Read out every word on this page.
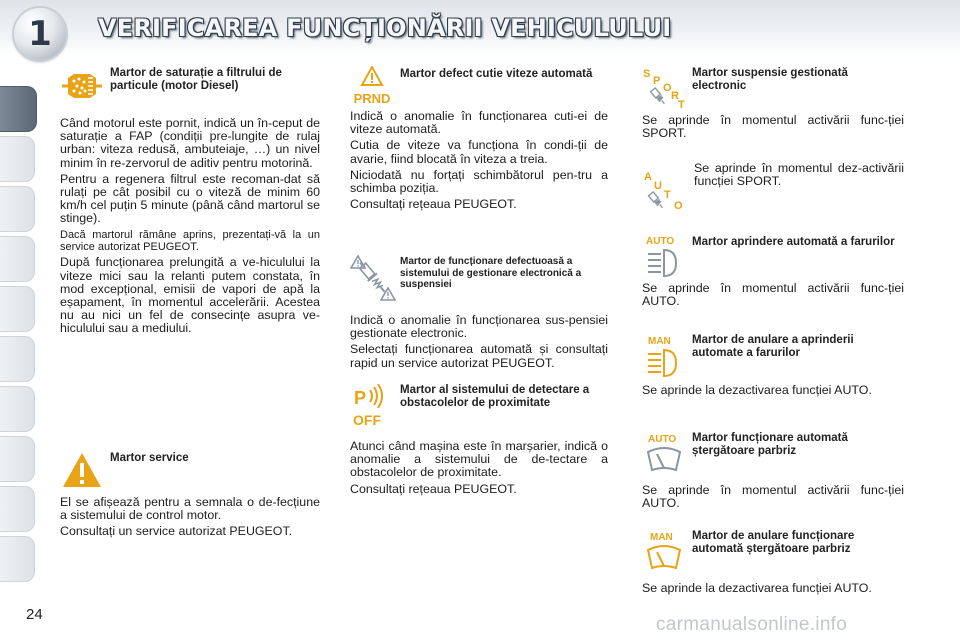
1	VERIFICAREA FUNCȚIONĂRII VEHICULULUI
Martor de saturație a filtrului de particule (motor Diesel)

Când motorul este pornit, indică un în-ceput de saturație a FAP (condiții pre-lungite de rulaj urban: viteza redusă, ambuteiaje, …) un nivel minim în re-zervorul de aditiv pentru motorină.

Pentru a regenera filtrul este recoman-dat să rulați pe cât posibil cu o viteză de minim 60 km/h cel puțin 5 minute (până când martorul se stinge).

Dacă martorul rămâne aprins, prezentați-vă la un service autorizat PEUGEOT.

După funcționarea prelungită a ve-hiculului la viteze mici sau la relanti putem constata, în mod excepțional, emisii de vapori de apă la eșapament, în momentul accelerării. Acestea nu au nici un fel de consecințe asupra ve-hiculului sau a mediului.

Martor service

El se afișează pentru a semnala o de-fecțiune a sistemului de control motor.

Consultați un service autorizat PEUGEOT.

PRND
Martor defect cutie viteze automată

Indică o anomalie în funcționarea cuti-ei de viteze automată.

Cutia de viteze va funcționa în condi-ții de avarie, fiind blocată în viteza a treia.

Niciodată nu forțați schimbătorul pen-tru a schimba poziția.

Consultați rețeaua PEUGEOT.

Martor de funcționare defectuoasă a sistemului de gestionare electronică a suspensiei

Indică o anomalie în funcționarea sus-pensiei gestionate electronic.

Selectați funcționarea automată și consultați rapid un service autorizat PEUGEOT.

P
OFF
Martor al sistemului de detectare a obstacolelor de proximitate

Atunci când mașina este în marșarier, indică o anomalie a sistemului de de-tectare a obstacolelor de proximitate.

Consultați rețeaua PEUGEOT.

S
P
O
R
T
Martor suspensie gestionată electronic

Se aprinde în momentul activării func-ției SPORT.

A
U
T
O

Se aprinde în momentul dez-activării funcției SPORT.

AUTO Martor aprindere automată a farurilor

Se aprinde în momentul activării func-ției AUTO.

MAN Martor de anulare a aprinderii automate a farurilor

Se aprinde la dezactivarea funcției AUTO.

AUTO Martor funcționare automată ștergătoare parbriz

Se aprinde în momentul activării func-ției AUTO.

MAN Martor de anulare funcționare automată ștergătoare parbriz

Se aprinde la dezactivarea funcției AUTO.

24	carmanualsonline.info
